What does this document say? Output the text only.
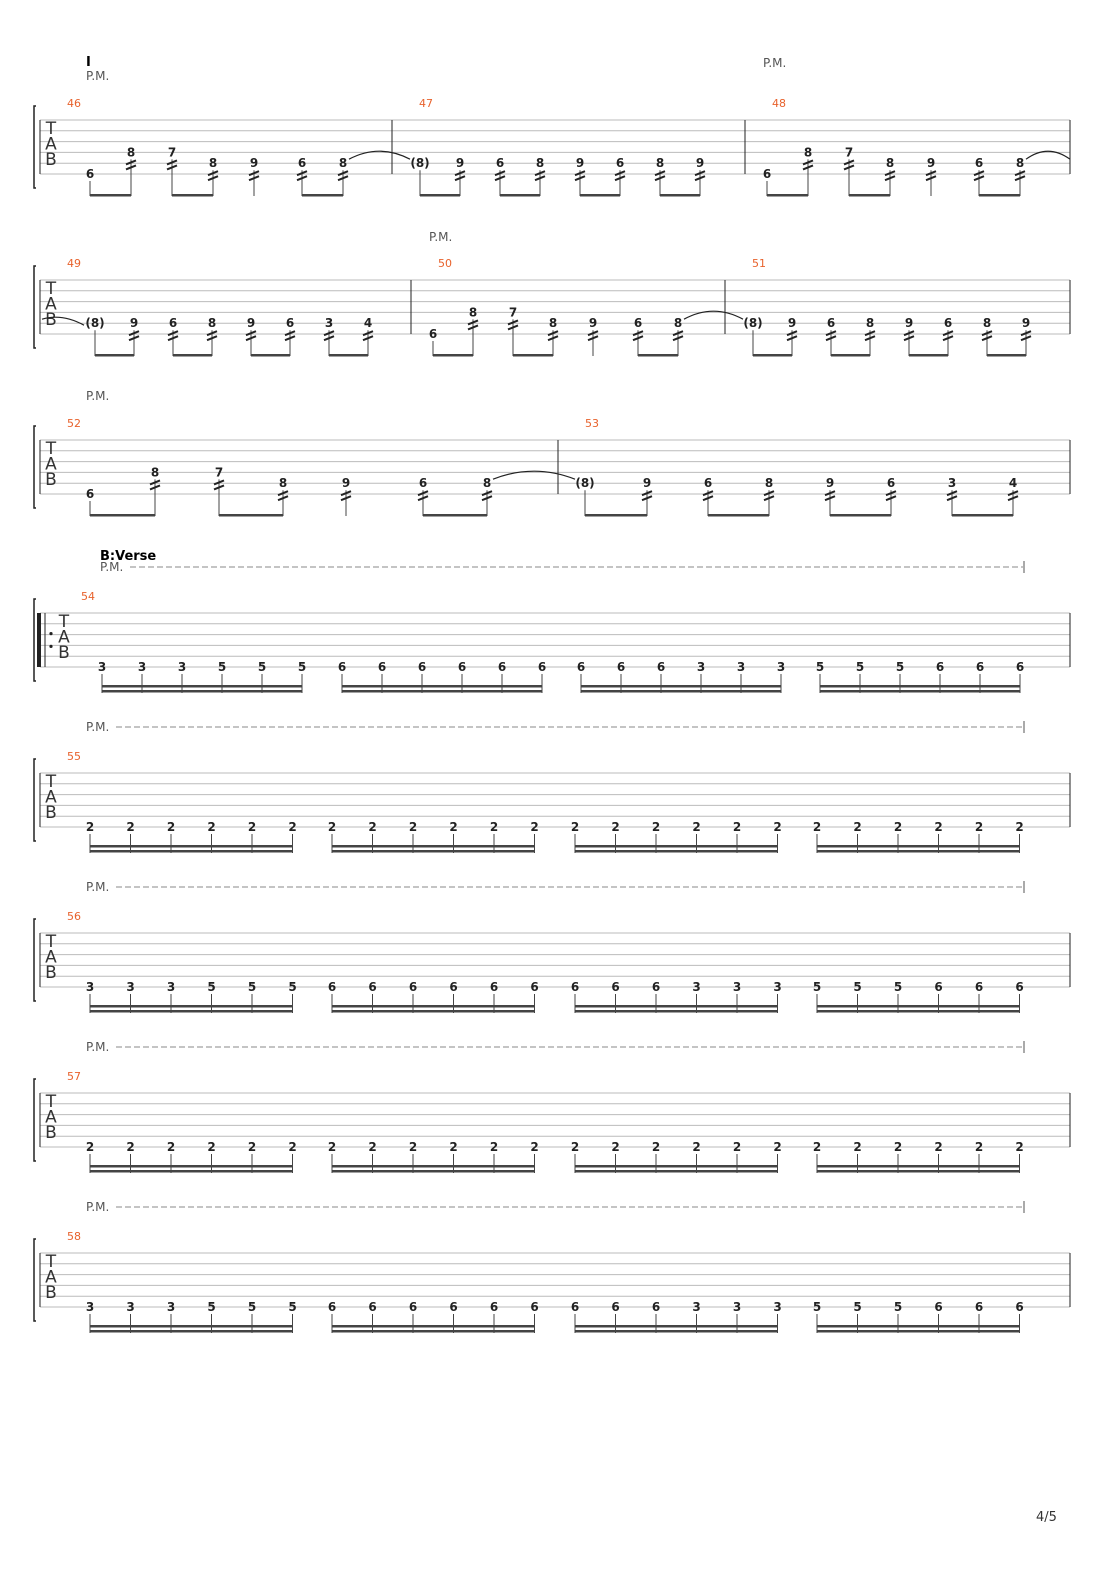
T
A
B
I
P.M.
P.M.
46
6
8	7
8	9	6	8
47
(8) 9	6	8	9	6	8	9
48
6
8	7
8	9	6	8
T
A
B
P.M.
49
(8) 9	6	8	9	6	3	4
50
6
8	7
8	9	6	8
51
(8) 9	6	8	9	6	8	9
T
A
B
P.M.
52
6
8	7
8	9	6	8
53
(8)	9	6	8	9	6	3	4
T
A
B
B:Verse
P.M.
54
3	3	3	5	5	5	6	6	6	6	6	6	6	6	6	3	3	3	5	5	5	6	6	6
T
A
B
P.M.
55
2	2	2	2	2	2	2	2	2	2	2	2	2	2	2	2	2	2	2	2	2	2	2	2
T
A
B
P.M.
56
3	3	3	5	5	5	6	6	6	6	6	6	6	6	6	3	3	3	5	5	5	6	6	6
T
A
B
P.M.
57
2	2	2	2	2	2	2	2	2	2	2	2	2	2	2	2	2	2	2	2	2	2	2	2
T
A
B
P.M.
58
3	3	3	5	5	5	6	6	6	6	6	6	6	6	6	3	3	3	5	5	5	6	6	6
4/5
